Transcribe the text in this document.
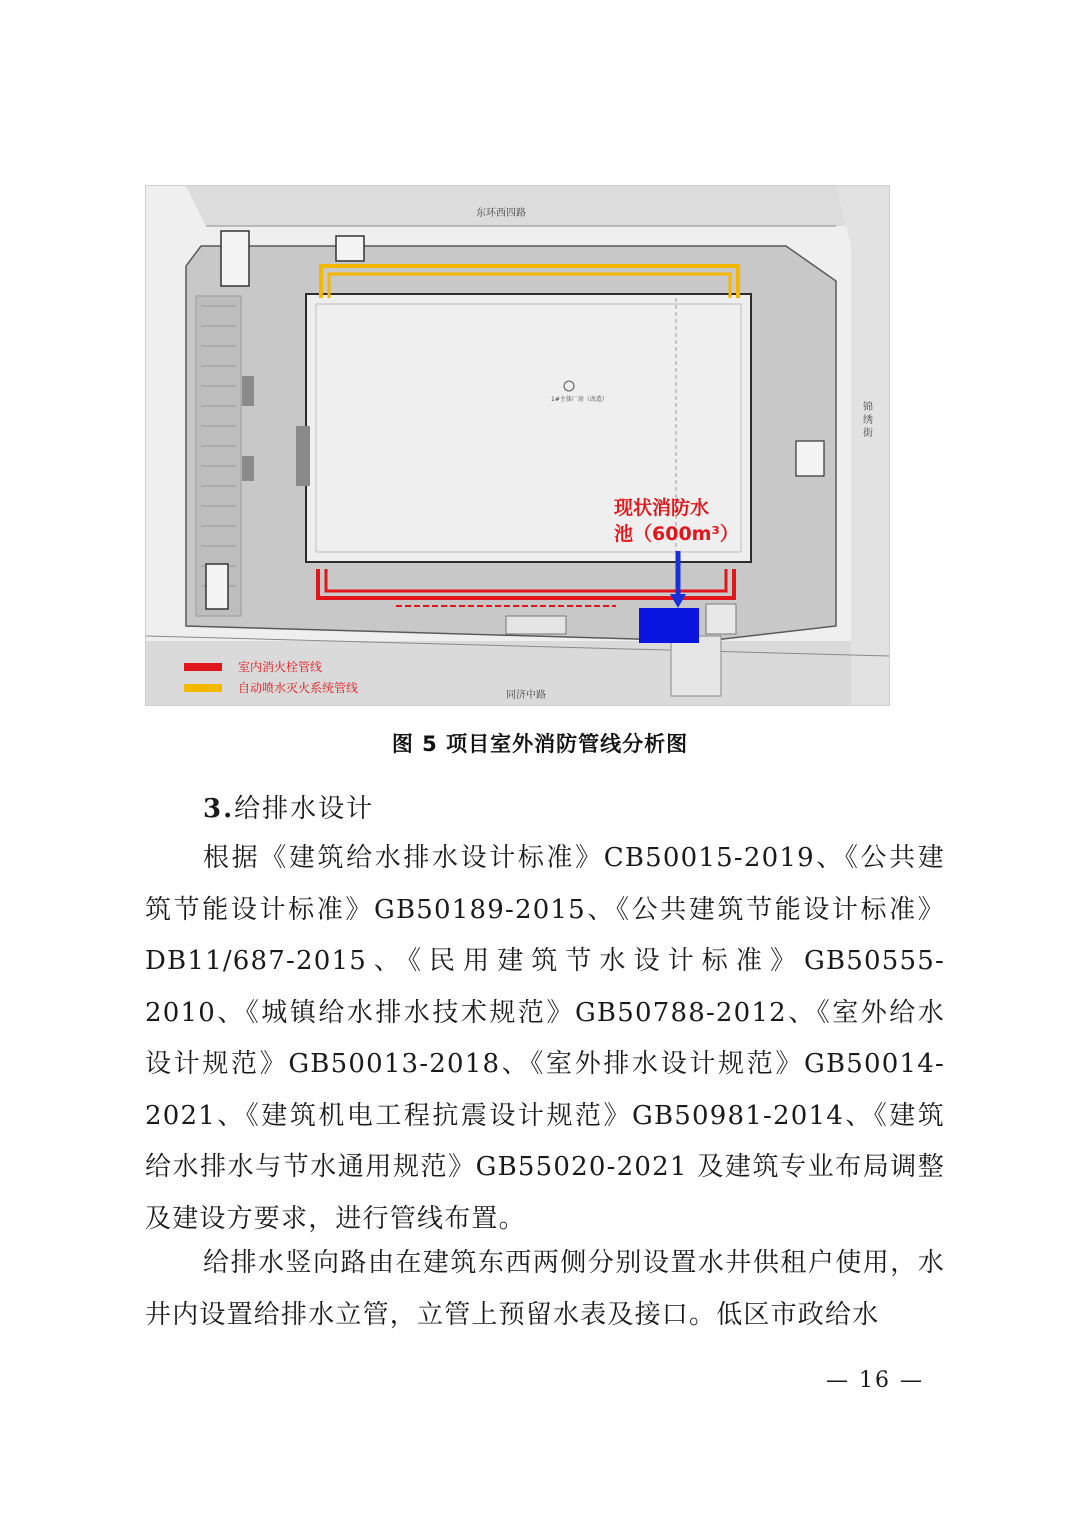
东环西四路
同济中路
锦 绣 街
1#主体厂房（改造）
现状消防水
池（600m³）
室内消火栓管线
自动喷水灭火系统管线
图 5 项目室外消防管线分析图
3.给排水设计
根据《建筑给水排水设计标准》CB50015-2019、《公共建筑节能设计标准》GB50189-2015、《公共建筑节能设计标准》DB11/687-2015、《民用建筑节水设计标准》GB50555-2010、《城镇给水排水技术规范》GB50788-2012、《室外给水设计规范》GB50013-2018、《室外排水设计规范》GB50014-2021、《建筑机电工程抗震设计规范》GB50981-2014、《建筑给水排水与节水通用规范》GB55020-2021 及建筑专业布局调整及建设方要求，进行管线布置。
给排水竖向路由在建筑东西两侧分别设置水井供租户使用，水井内设置给排水立管，立管上预留水表及接口。低区市政给水
— 16 —
